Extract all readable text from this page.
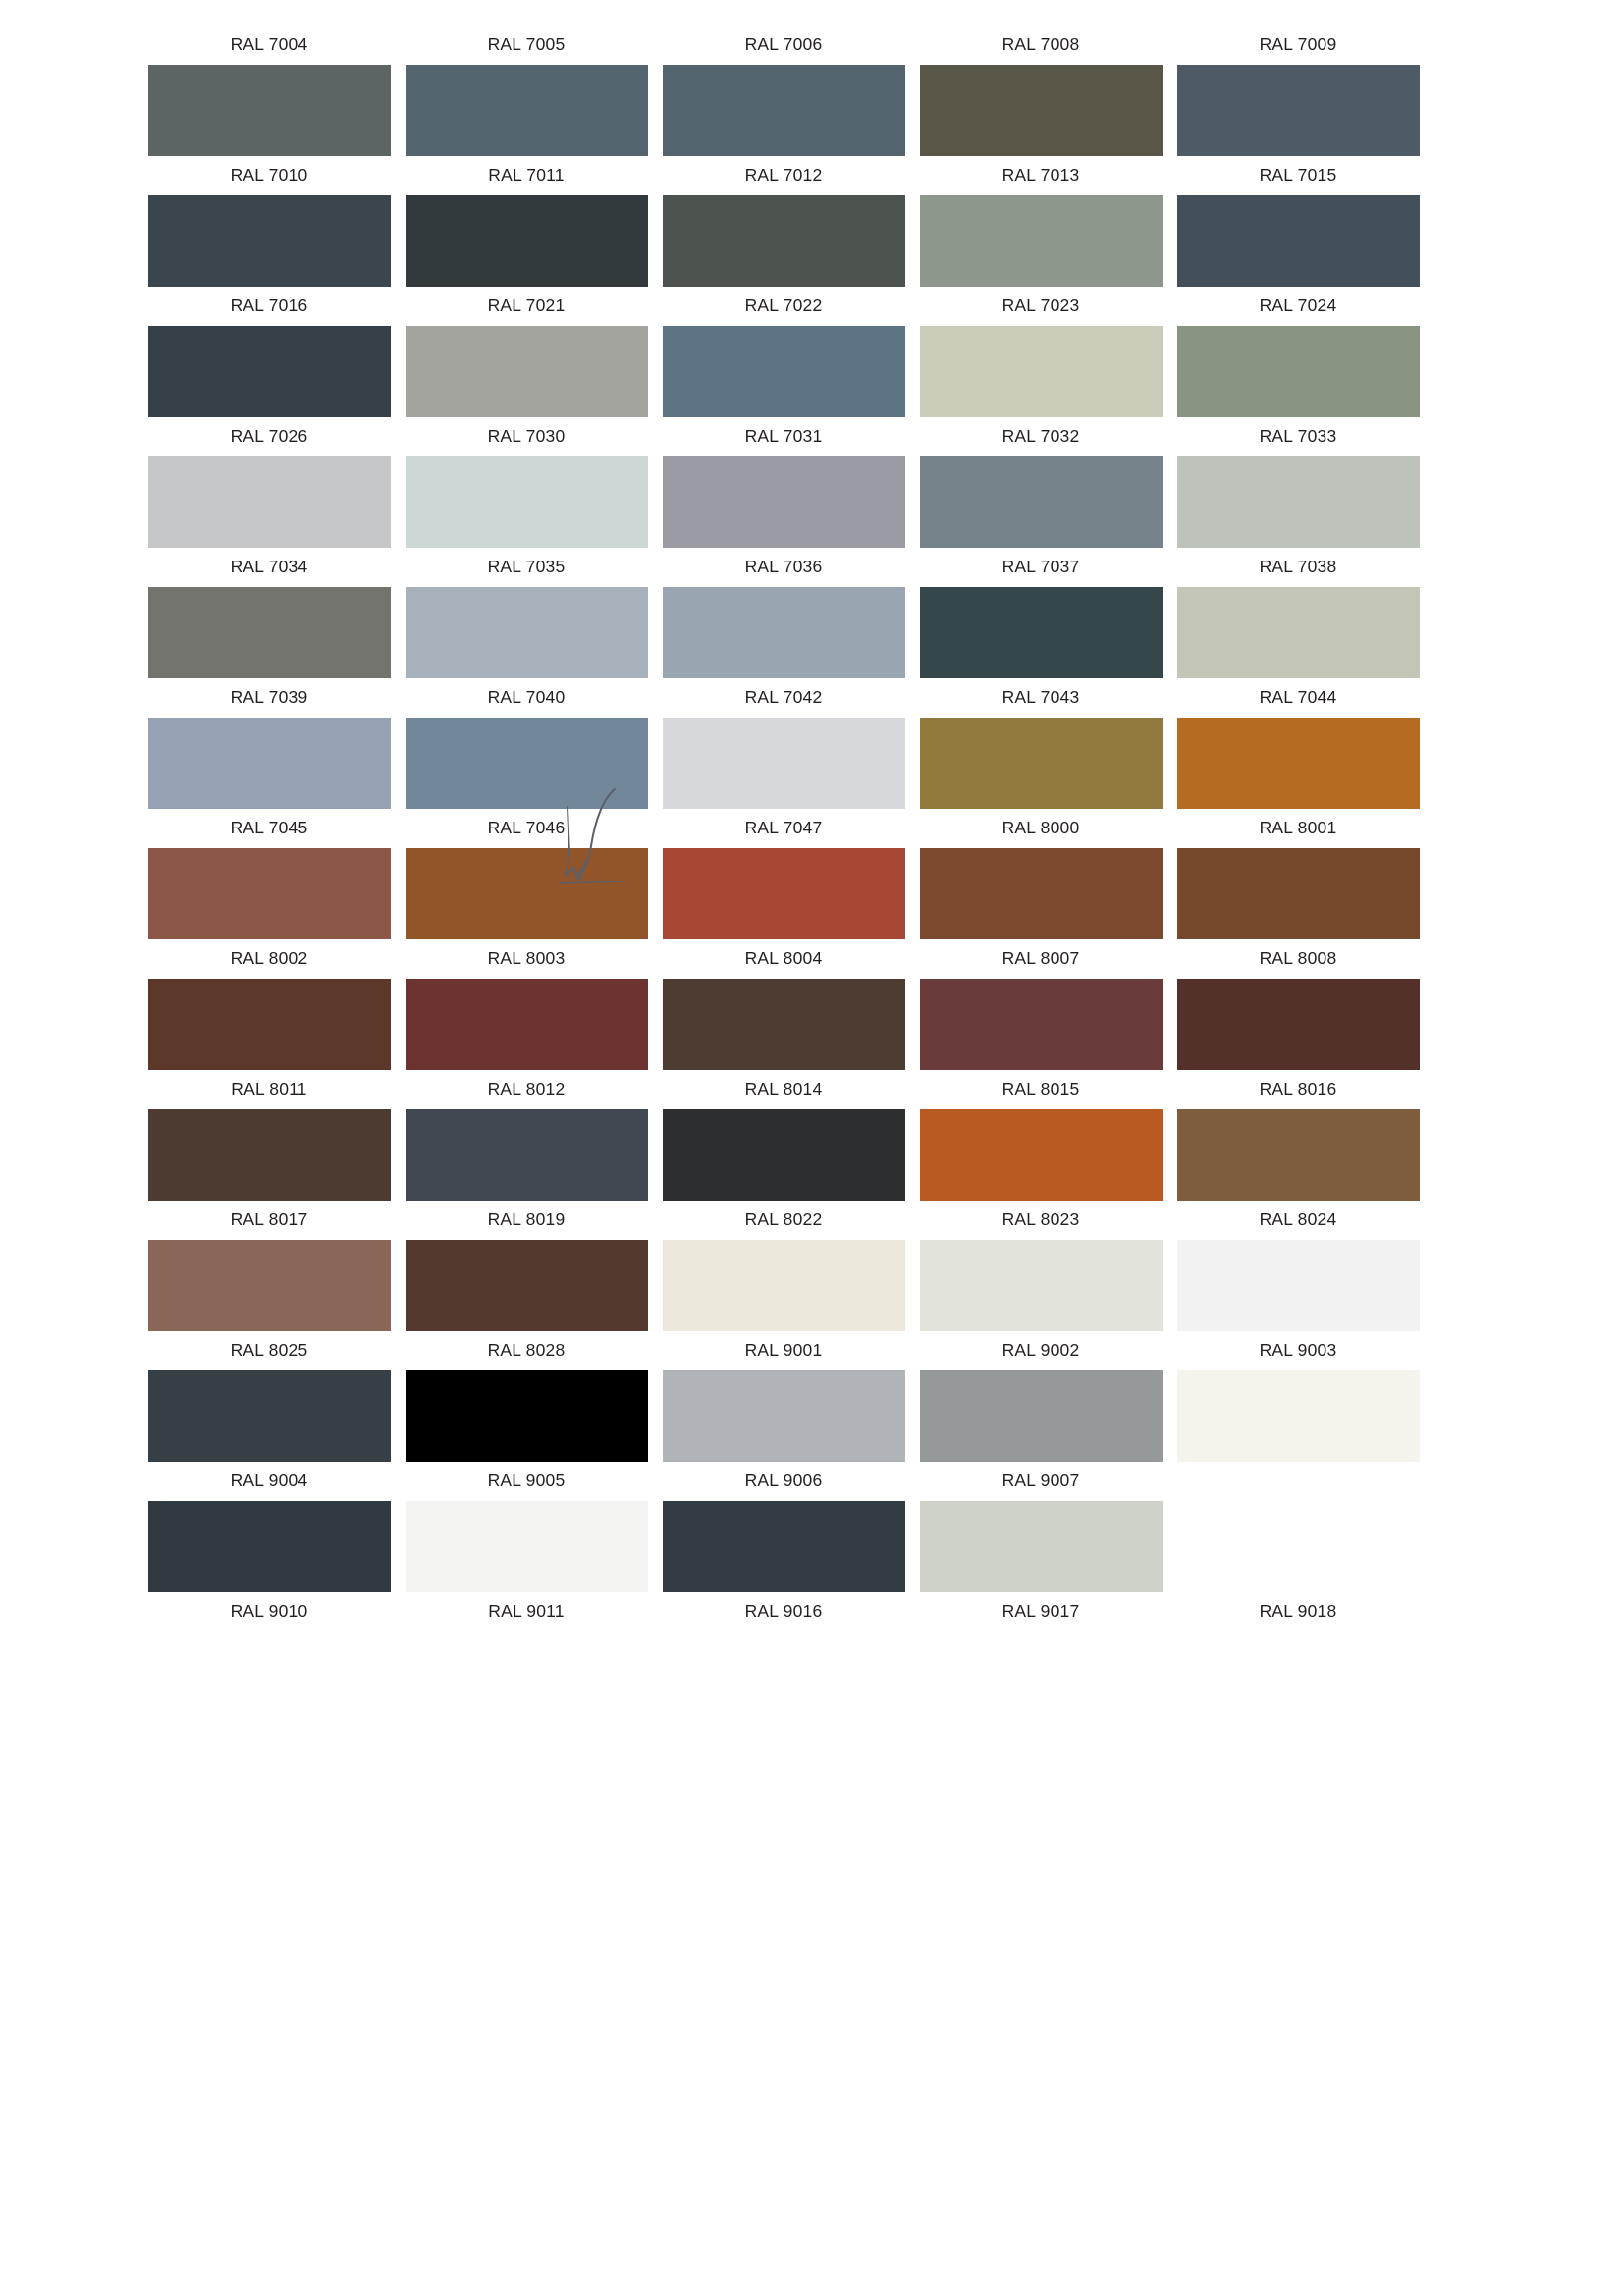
RAL 7004	RAL 7005	RAL 7006	RAL 7008	RAL 7009
RAL 7010	RAL 7011	RAL 7012	RAL 7013	RAL 7015
RAL 7016	RAL 7021	RAL 7022	RAL 7023	RAL 7024
RAL 7026	RAL 7030	RAL 7031	RAL 7032	RAL 7033
RAL 7034	RAL 7035	RAL 7036	RAL 7037	RAL 7038
RAL 7039	RAL 7040	RAL 7042	RAL 7043	RAL 7044
RAL 7045	RAL 7046	RAL 7047	RAL 8000	RAL 8001
RAL 8002	RAL 8003	RAL 8004	RAL 8007	RAL 8008
RAL 8011	RAL 8012	RAL 8014	RAL 8015	RAL 8016
RAL 8017	RAL 8019	RAL 8022	RAL 8023	RAL 8024
RAL 8025	RAL 8028	RAL 9001	RAL 9002	RAL 9003
RAL 9004	RAL 9005	RAL 9006	RAL 9007
RAL 9010	RAL 9011	RAL 9016	RAL 9017	RAL 9018
